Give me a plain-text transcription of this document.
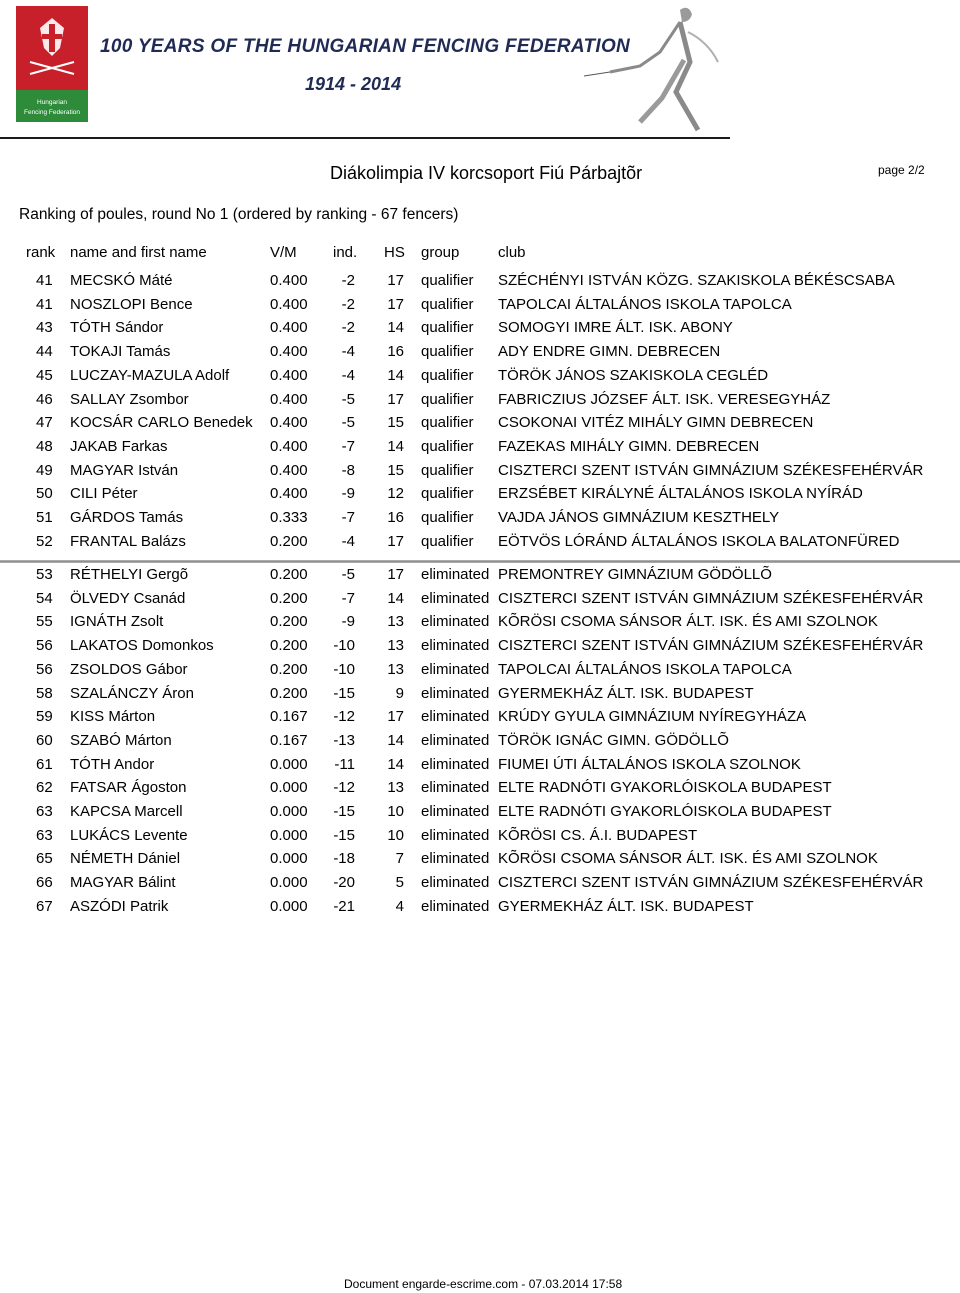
Hungarian
Fencing Federation
100 YEARS OF THE HUNGARIAN FENCING FEDERATION
1914 - 2014
Diákolimpia IV korcsoport Fiú Párbajtõr	page 2/2
Ranking of poules, round No 1 (ordered by ranking - 67 fencers)
rank name and first name	V/M ind. HS group	club
41 MECSKÓ Máté	0.400	-2 17 qualifier SZÉCHÉNYI ISTVÁN KÖZG. SZAKISKOLA BÉKÉSCSABA
41 NOSZLOPI Bence	0.400	-2 17 qualifier TAPOLCAI ÁLTALÁNOS ISKOLA TAPOLCA
43 TÓTH Sándor	0.400	-2 14 qualifier SOMOGYI IMRE ÁLT. ISK. ABONY
44 TOKAJI Tamás	0.400	-4 16 qualifier ADY ENDRE GIMN. DEBRECEN
45 LUCZAY-MAZULA Adolf	0.400	-4 14 qualifier TÖRÖK JÁNOS SZAKISKOLA CEGLÉD
46 SALLAY Zsombor	0.400	-5 17 qualifier FABRICZIUS JÓZSEF ÁLT. ISK. VERESEGYHÁZ
47 KOCSÁR CARLO Benedek 0.400	-5 15 qualifier CSOKONAI VITÉZ MIHÁLY GIMN DEBRECEN
48 JAKAB Farkas	0.400	-7 14 qualifier FAZEKAS MIHÁLY GIMN. DEBRECEN
49 MAGYAR István	0.400	-8 15 qualifier CISZTERCI SZENT ISTVÁN GIMNÁZIUM SZÉKESFEHÉRVÁR
50 CILI Péter	0.400	-9 12 qualifier ERZSÉBET KIRÁLYNÉ ÁLTALÁNOS ISKOLA NYÍRÁD
51 GÁRDOS Tamás	0.333	-7 16 qualifier VAJDA JÁNOS GIMNÁZIUM KESZTHELY
52 FRANTAL Balázs	0.200	-4 17 qualifier EÖTVÖS LÓRÁND ÁLTALÁNOS ISKOLA BALATONFÜRED
53 RÉTHELYI Gergõ	0.200	-5 17 eliminated PREMONTREY GIMNÁZIUM GÖDÖLLÕ
54 ÖLVEDY Csanád	0.200	-7 14 eliminated CISZTERCI SZENT ISTVÁN GIMNÁZIUM SZÉKESFEHÉRVÁR
55 IGNÁTH Zsolt	0.200	-9 13 eliminated KÕRÖSI CSOMA SÁNSOR ÁLT. ISK. ÉS AMI SZOLNOK
56 LAKATOS Domonkos	0.200 -10 13 eliminated CISZTERCI SZENT ISTVÁN GIMNÁZIUM SZÉKESFEHÉRVÁR
56 ZSOLDOS Gábor	0.200 -10 13 eliminated TAPOLCAI ÁLTALÁNOS ISKOLA TAPOLCA
58 SZALÁNCZY Áron	0.200 -15	9 eliminated GYERMEKHÁZ ÁLT. ISK. BUDAPEST
59 KISS Márton	0.167 -12 17 eliminated KRÚDY GYULA GIMNÁZIUM NYÍREGYHÁZA
60 SZABÓ Márton	0.167 -13 14 eliminated TÖRÖK IGNÁC GIMN. GÖDÖLLÕ
61 TÓTH Andor	0.000 -11 14 eliminated FIUMEI ÚTI ÁLTALÁNOS ISKOLA SZOLNOK
62 FATSAR Ágoston	0.000 -12 13 eliminated ELTE RADNÓTI GYAKORLÓISKOLA BUDAPEST
63 KAPCSA Marcell	0.000 -15 10 eliminated ELTE RADNÓTI GYAKORLÓISKOLA BUDAPEST
63 LUKÁCS Levente	0.000 -15 10 eliminated KÕRÖSI CS. Á.I. BUDAPEST
65 NÉMETH Dániel	0.000 -18	7 eliminated KÕRÖSI CSOMA SÁNSOR ÁLT. ISK. ÉS AMI SZOLNOK
66 MAGYAR Bálint	0.000 -20	5 eliminated CISZTERCI SZENT ISTVÁN GIMNÁZIUM SZÉKESFEHÉRVÁR
67 ASZÓDI Patrik	0.000 -21	4 eliminated GYERMEKHÁZ ÁLT. ISK. BUDAPEST
Document engarde-escrime.com - 07.03.2014 17:58
